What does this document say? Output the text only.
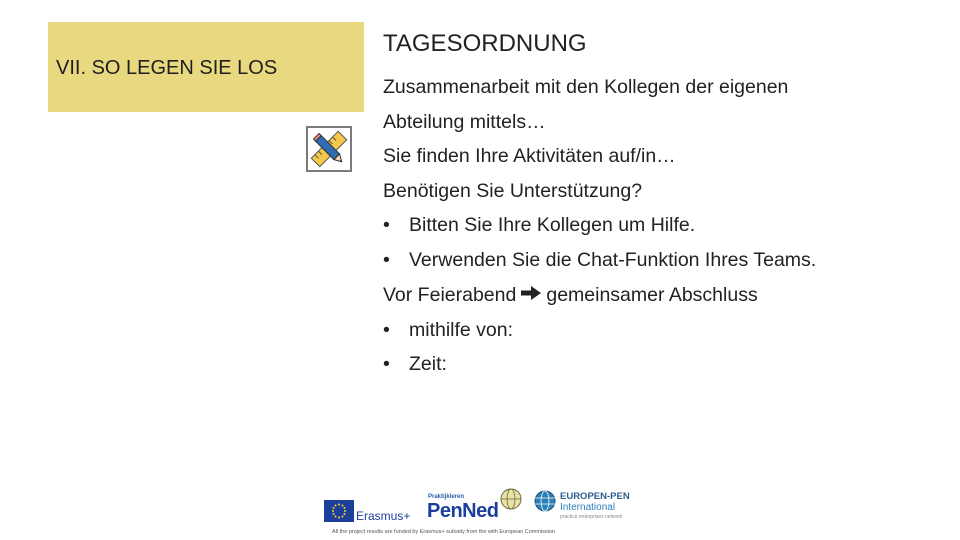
VII. SO LEGEN SIE LOS
TAGESORDNUNG
Zusammenarbeit mit den Kollegen der eigenen
Abteilung mittels…
Sie finden Ihre Aktivitäten auf/in…
Benötigen Sie Unterstützung?
• Bitten Sie Ihre Kollegen um Hilfe.
• Verwenden Sie die Chat-Funktion Ihres Teams.
Vor Feierabend gemeinsamer Abschluss
• mithilfe von:
• Zeit:
Erasmus+
Praktijkleren
PenNed
EUROPEN-PEN
International
practice enterprises network
All the project results are funded by Erasmus+ subsidy from the with European Commission
